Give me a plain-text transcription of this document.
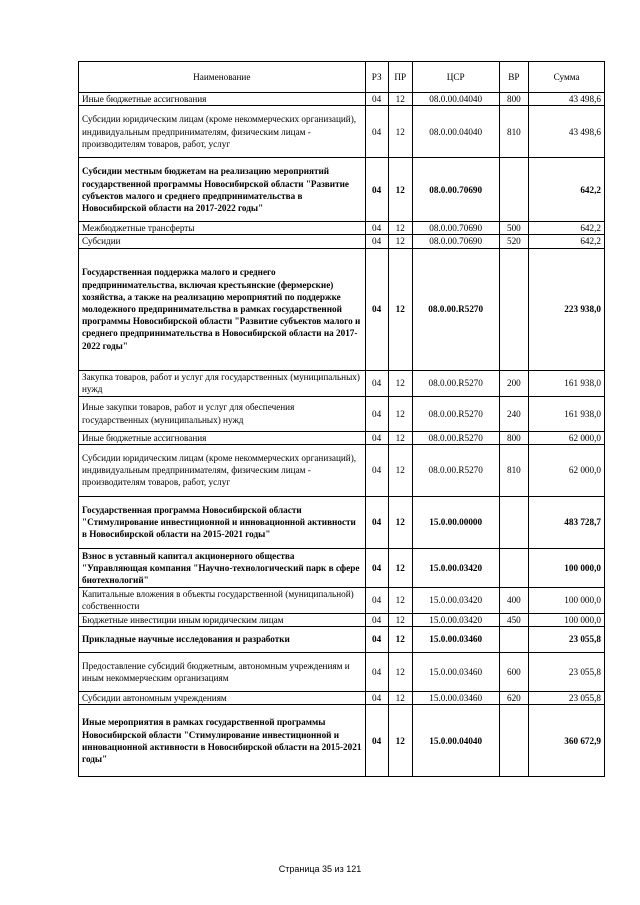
Наименование	РЗ	ПР	ЦСР	ВР	Сумма
Иные бюджетные ассигнования	04	12	08.0.00.04040	800	43 498,6
Субсидии юридическим лицам (кроме некоммерческих организаций), индивидуальным предпринимателям, физическим лицам - производителям товаров, работ, услуг	04	12	08.0.00.04040	810	43 498,6
Субсидии местным бюджетам на реализацию мероприятий государственной программы Новосибирской области "Развитие субъектов малого и среднего предпринимательства в Новосибирской области на 2017-2022 годы"	04	12	08.0.00.70690		642,2
Межбюджетные трансферты	04	12	08.0.00.70690	500	642,2
Субсидии	04	12	08.0.00.70690	520	642,2
Государственная поддержка малого и среднего предпринимательства, включая крестьянские (фермерские) хозяйства, а также на реализацию мероприятий по поддержке молодежного предпринимательства в рамках государственной программы Новосибирской области "Развитие субъектов малого и среднего предпринимательства в Новосибирской области на 2017-2022 годы"	04	12	08.0.00.R5270		223 938,0
Закупка товаров, работ и услуг для государственных (муниципальных) нужд	04	12	08.0.00.R5270	200	161 938,0
Иные закупки товаров, работ и услуг для обеспечения государственных (муниципальных) нужд	04	12	08.0.00.R5270	240	161 938,0
Иные бюджетные ассигнования	04	12	08.0.00.R5270	800	62 000,0
Субсидии юридическим лицам (кроме некоммерческих организаций), индивидуальным предпринимателям, физическим лицам - производителям товаров, работ, услуг	04	12	08.0.00.R5270	810	62 000,0
Государственная программа Новосибирской области "Стимулирование инвестиционной и инновационной активности в Новосибирской области на 2015-2021 годы"	04	12	15.0.00.00000		483 728,7
Взнос в уставный капитал акционерного общества "Управляющая компания "Научно-технологический парк в сфере биотехнологий"	04	12	15.0.00.03420		100 000,0
Капитальные вложения в объекты государственной (муниципальной) собственности	04	12	15.0.00.03420	400	100 000,0
Бюджетные инвестиции иным юридическим лицам	04	12	15.0.00.03420	450	100 000,0
Прикладные научные исследования и разработки	04	12	15.0.00.03460		23 055,8
Предоставление субсидий бюджетным, автономным учреждениям и иным некоммерческим организациям	04	12	15.0.00.03460	600	23 055,8
Субсидии автономным учреждениям	04	12	15.0.00.03460	620	23 055,8
Иные мероприятия в рамках государственной программы Новосибирской области "Стимулирование инвестиционной и инновационной активности в Новосибирской области на 2015-2021 годы"	04	12	15.0.00.04040		360 672,9
Страница 35 из 121
